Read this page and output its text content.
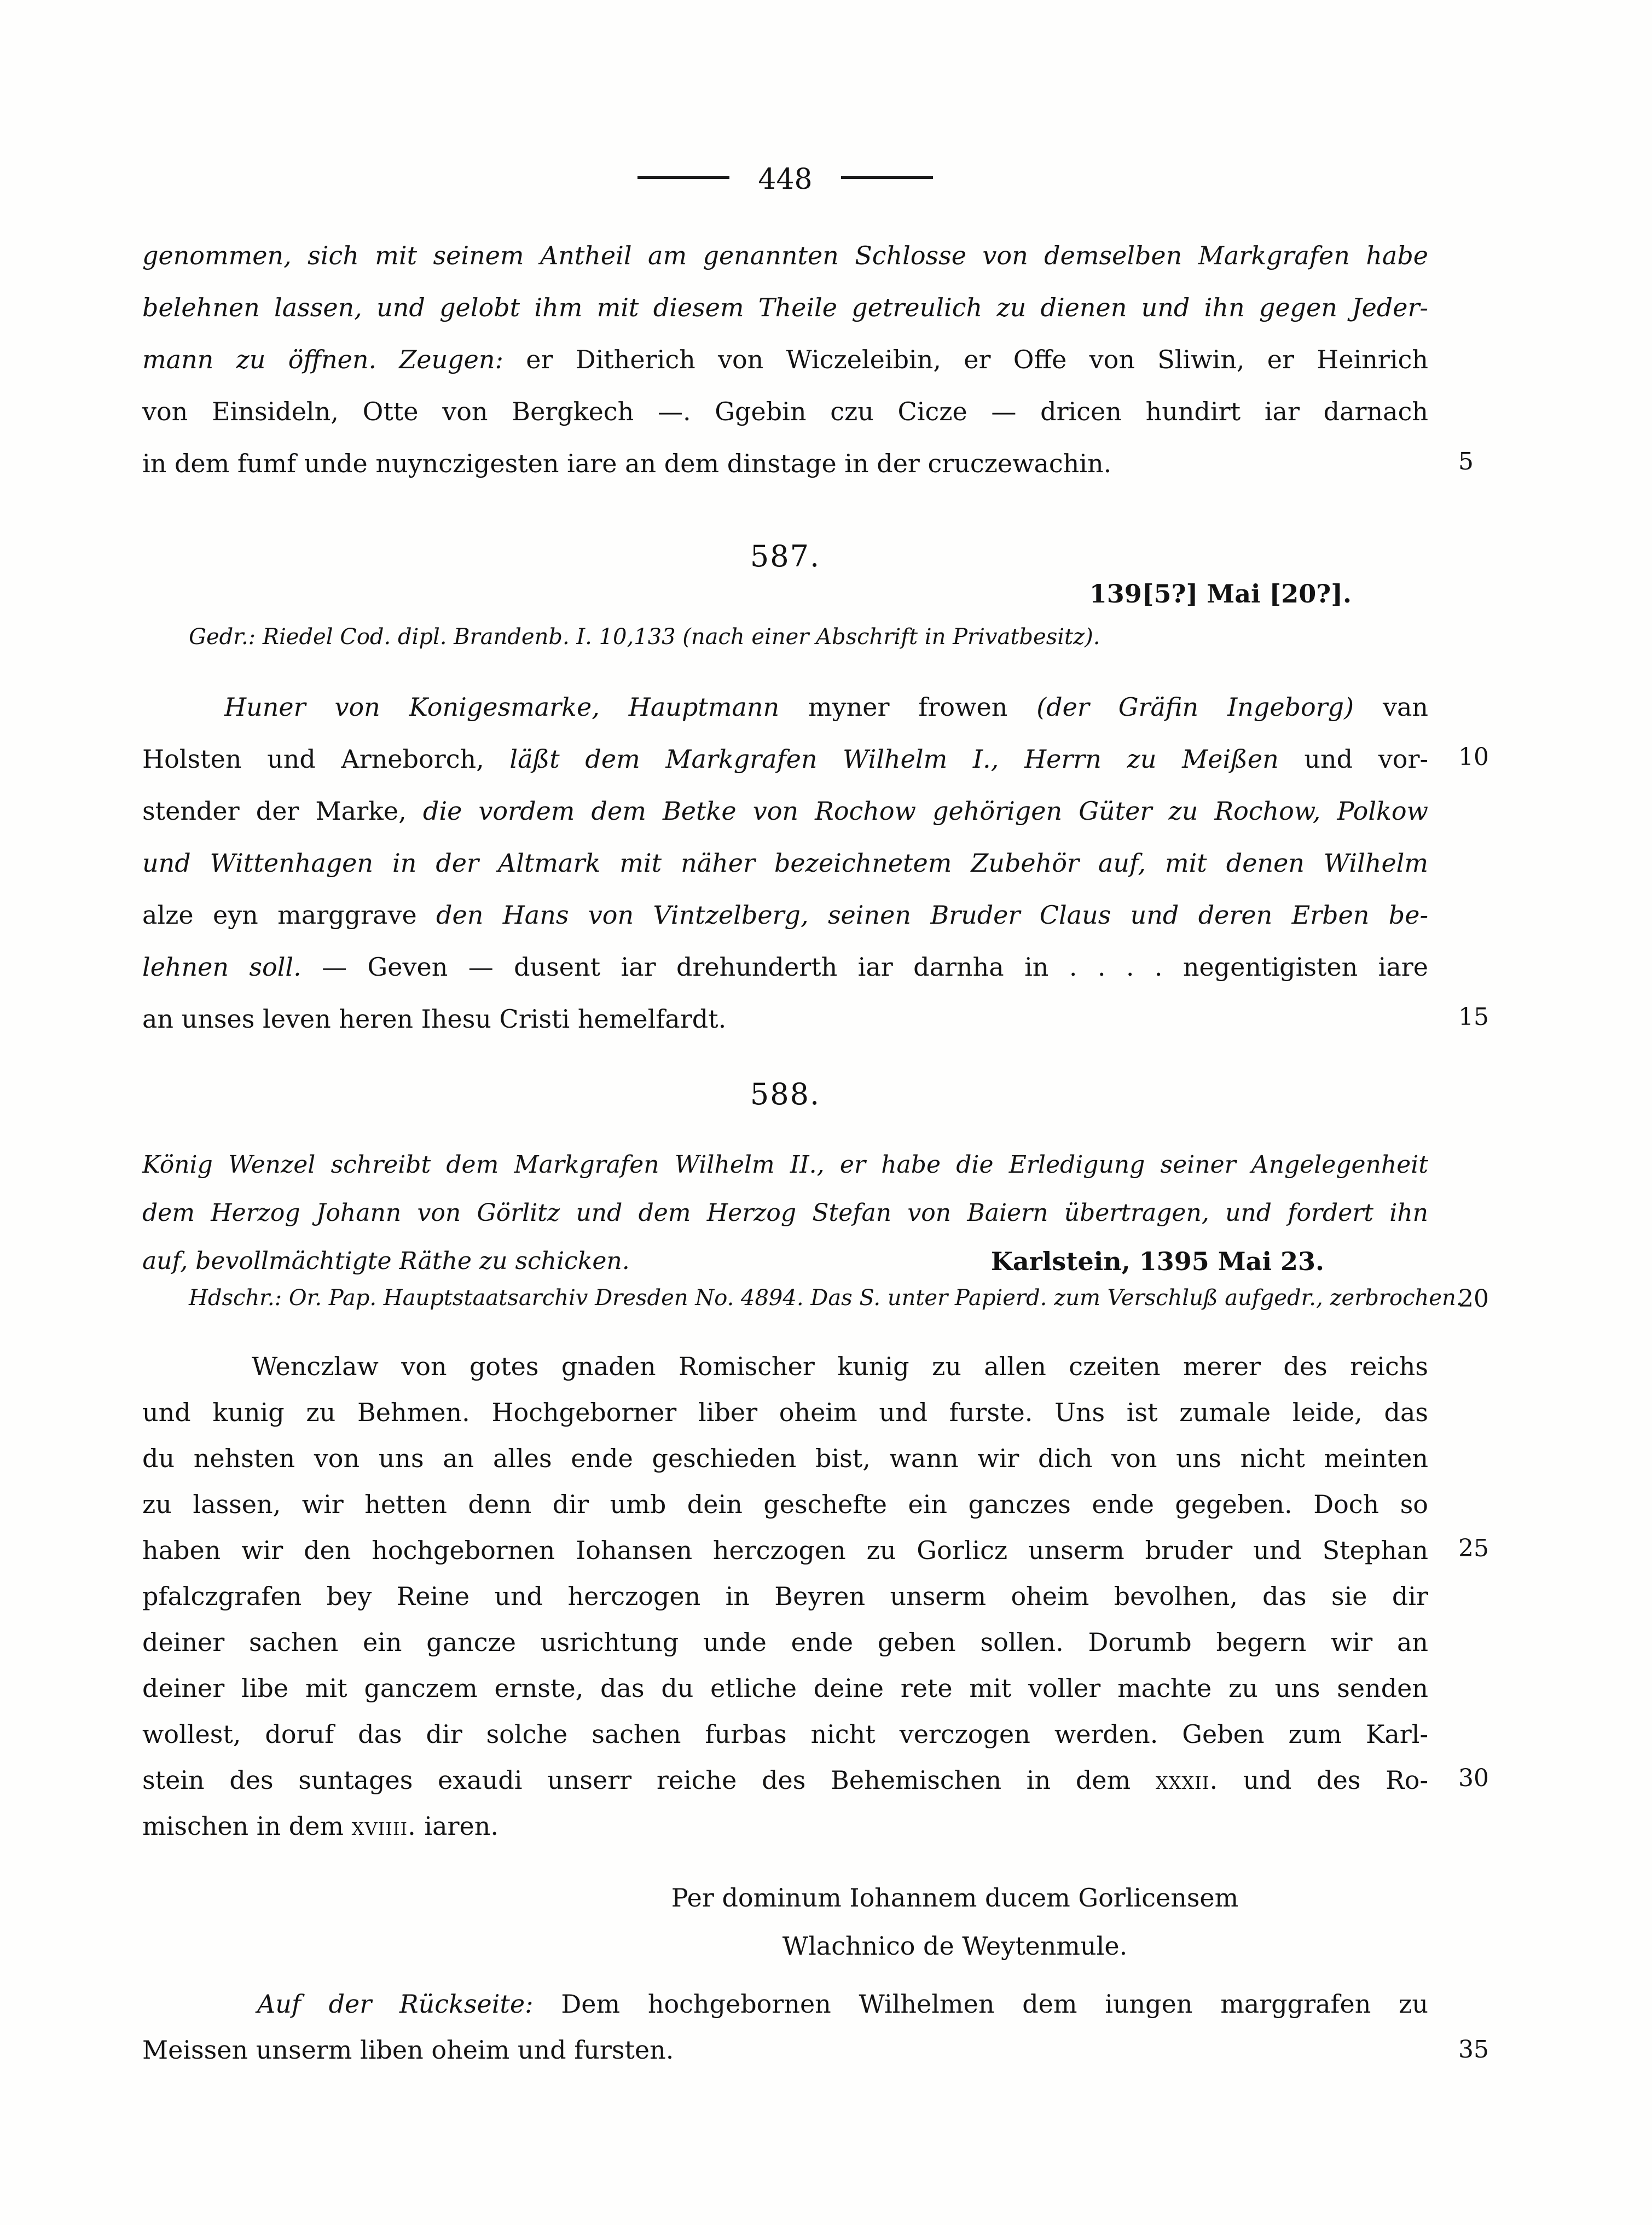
448
genommen, sich mit seinem Antheil am genannten Schlosse von demselben Markgrafen habe
belehnen lassen, und gelobt ihm mit diesem Theile getreulich zu dienen und ihn gegen Jeder-
mann zu öffnen. Zeugen: er Ditherich von Wiczeleibin, er Offe von Sliwin, er Heinrich
von Einsideln, Otte von Bergkech —. Ggebin czu Cicze — dricen hundirt iar darnach
in dem fumf unde nuynczigesten iare an dem dinstage in der cruczewachin.
587.
139[5?] Mai [20?].
Gedr.: Riedel Cod. dipl. Brandenb. I. 10,133 (nach einer Abschrift in Privatbesitz).
Huner von Konigesmarke, Hauptmann myner frowen (der Gräfin Ingeborg) van
Holsten und Arneborch, läßt dem Markgrafen Wilhelm I., Herrn zu Meißen und vor-
stender der Marke, die vordem dem Betke von Rochow gehörigen Güter zu Rochow, Polkow
und Wittenhagen in der Altmark mit näher bezeichnetem Zubehör auf, mit denen Wilhelm
alze eyn marggrave den Hans von Vintzelberg, seinen Bruder Claus und deren Erben be-
lehnen soll. — Geven — dusent iar drehunderth iar darnha in . . . . negentigisten iare
an unses leven heren Ihesu Cristi hemelfardt.
588.
König Wenzel schreibt dem Markgrafen Wilhelm II., er habe die Erledigung seiner Angelegenheit
dem Herzog Johann von Görlitz und dem Herzog Stefan von Baiern übertragen, und fordert ihn
auf, bevollmächtigte Räthe zu schicken.	Karlstein, 1395 Mai 23.
Hdschr.: Or. Pap. Hauptstaatsarchiv Dresden No. 4894. Das S. unter Papierd. zum Verschluß aufgedr., zerbrochen.
Wenczlaw von gotes gnaden Romischer kunig zu allen czeiten merer des reichs
und kunig zu Behmen. Hochgeborner liber oheim und furste. Uns ist zumale leide, das
du nehsten von uns an alles ende geschieden bist, wann wir dich von uns nicht meinten
zu lassen, wir hetten denn dir umb dein geschefte ein ganczes ende gegeben. Doch so
haben wir den hochgebornen Iohansen herczogen zu Gorlicz unserm bruder und Stephan
pfalczgrafen bey Reine und herczogen in Beyren unserm oheim bevolhen, das sie dir
deiner sachen ein gancze usrichtung unde ende geben sollen. Dorumb begern wir an
deiner libe mit ganczem ernste, das du etliche deine rete mit voller machte zu uns senden
wollest, doruf das dir solche sachen furbas nicht verczogen werden. Geben zum Karl-
stein des suntages exaudi unserr reiche des Behemischen in dem xxxii. und des Ro-
mischen in dem xviiii. iaren.
Per dominum Iohannem ducem Gorlicensem
Wlachnico de Weytenmule.
Auf der Rückseite: Dem hochgebornen Wilhelmen dem iungen marggrafen zu
Meissen unserm liben oheim und fursten.
5
10
15
20
25
30
35
